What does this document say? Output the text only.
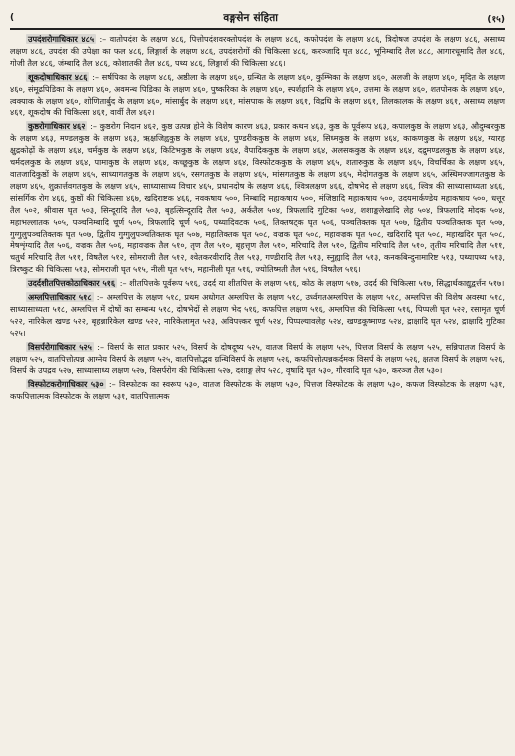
(	वङ्गसेन संहिता	(१५)

उपदंशरोगाधिकार ४८५ :– वातोपदंश के लक्षण ४८६, पित्तोपदंशवरक्तोपदंश के लक्षण ४८६, कफोपदंश के लक्षण ४८६, त्रिदोषज उपदंश के लक्षण ४८६, असाध्य लक्षण ४८६, उपदंश की उपेक्षा का फल ४८६, लिङ्गार्श के लक्षण ४८६, उपदंशरोगों की चिकित्सा ४८६, करञ्जादि घृत ४८८, भूनिम्बादि तैल ४८८, आगारधूमादि तैल ४८६, गोजी तैल ४८६, जंम्बादि तैल ४८६, कोशातकी तैल ४८६, पथ्य ४८६, लिङ्गार्श की चिकित्सा ४८६।

शूकदोषाधिकार ४८६ :– सर्षपिका के लक्षण ४८६, अष्ठीला के लक्षण ४६०, ग्रन्थित के लक्षण ४६०, कुम्भिका के लक्षण ४६०, अलजी के लक्षण ४६०, मृदित के लक्षण ४६०, संमूढपिडिका के लक्षण ४६०, अवमन्थ पिडिका के लक्षण ४६०, पुष्करिका के लक्षण ४६०, स्पर्शहानि के लक्षण ४६०, उत्तमा के लक्षण ४६०, शतपोनक के लक्षण ४६०, त्वक्पाक के लक्षण ४६०, शोणितार्बुद के लक्षण ४६०, मांसार्बुद के लक्षण ४६१, मांसपाक के लक्षण ४६१, विद्रधि के लक्षण ४६१, तिलकालक के लक्षण ४६१, असाध्य लक्षण ४६१, शूकदोष की चिकित्सा ४६१, वार्वी तैल ४६२।

कुष्ठरोगाधिकार ४६२ :– कुष्ठरोग निदान ४६२, कुष्ठ उत्पन्न होने के विशेष कारण ४६३, प्रकार कथन ४६३, कुष्ठ के पूर्वरूप ४६३, कपालकुष्ठ के लक्षण ४६३, औदुम्बरकुष्ठ के लक्षण ४६३, मण्डलकुष्ठ के लक्षण ४६३, ऋक्षजिह्वकुष्ठ के लक्षण ४६४, पुण्डरीककुष्ठ के लक्षण ४६४, सिध्मकुष्ठ के लक्षण ४६४, काकणकुष्ठ के लक्षण ४६४, ग्यारह क्षुद्रकोढ़ों के लक्षण ४६४, चर्मकुष्ठ के लक्षण ४६४, किटिभकुष्ठ के लक्षण ४६४, वैपादिककुष्ठ के लक्षण ४६४, अलसककुष्ठ के लक्षण ४६४, दद्रुमण्डलकुष्ठ के लक्षण ४६४, चर्मदलकुष्ठ के लक्षण ४६४, पामाकुष्ठ के लक्षण ४६४, कच्छूकुष्ठ के लक्षण ४६४, विस्फोटककुष्ठ के लक्षण ४६५, शतारुकुष्ठ के लक्षण ४६५, विचर्चिका के लक्षण ४६५, वातजादिकुष्ठों के लक्षण ४६५, साध्यागतकुष्ठ के लक्षण ४६५, रसगतकुष्ठ के लक्षण ४६५, मांसगतकुष्ठ के लक्षण ४६५, मेदोगतकुष्ठ के लक्षण ४६५, अस्थिमज्जागतकुष्ठ के लक्षण ४६५, शुक्रार्त्तवगतकुष्ठ के लक्षण ४६५, साध्यासाध्य विचार ४६५, प्रधानदोष के लक्षण ४६६, श्वित्रलक्षण ४६६, दोषभेद से लक्षण ४६६, श्वित्र की साध्यासाध्यता ४६६, सांसर्गिक रोग ४६६, कुष्ठों की चिकित्सा ४६७, खदिराष्टक ४६६, नवकषाय ५००, निम्बादि महाकषाय ५००, मंजिष्ठादि महाकषाय ५००, उदयमार्कण्डेय महाकषाय ५००, धत्तूर तैल ५०२, श्रीवास घृत ५०३, सिन्दूरादि तैल ५०३, बृहत्सिन्दूरादि तैल ५०३, अर्कतैल ५०४, त्रिफलादि गुटिका ५०४, शशाङ्कलेखादि लेह ५०४, त्रिफलादि मोदक ५०४, महाभल्लातक ५०५, पञ्चनिम्बादि चूर्ण ५०५, त्रिफलादि चूर्ण ५०६, पथ्यादिवटक ५०६, तिक्तषट्क घृत ५०६, पञ्चतिक्तक घृत ५०७, द्वितीय पञ्चतिक्तक घृत ५०७, गुग्गुलुपञ्चतिक्तक घृत ५०७, द्वितीय गुग्गुलुपञ्चतिक्तक घृत ५०७, महातिक्तक घृत ५०८, वज्रक घृत ५०८, महावज्रक घृत ५०८, खदिरादि घृत ५०८, महाखदिर घृत ५०८, मेषशृंग्यादि तैल ५०६, वज्रक तैल ५०६, महावज्रक तैल ५१०, तृण तैल ५१०, बृहत्तृण तैल ५१०, मरिचादि तैल ५१०, द्वितीय मरिचादि तैल ५१०, तृतीय मरिचादि तैल ५११, चतुर्थ मरिचादि तैल ५११, विषतैल ५१२, सोमराजी तैल ५१२, श्वेतकरवीरादि तैल ५१३, गण्डीरादि तैल ५१३, स्नुह्यादि तैल ५१३, कनकबिन्दुनामारिष्ट ५१३, पथ्यापथ्य ५१३, त्रिरष्कुट की चिकित्सा ५१३, सोमराजी घृत ५१५, नीली घृत ५१५, महानीली घृत ५१६, ज्योतिष्मती तैल ५१६, विषतैल ५१६।

उदर्दशीतपित्तकोठाधिकार ५१६ :– शीतपित्तके पूर्वरूप ५१६, उदर्द या शीतपित्त के लक्षण ५१६, कोठ के लक्षण ५१७, उदर्द की चिकित्सा ५१७, सिद्धार्थकाद्युद्वर्त्तन ५१७।

अम्लपित्ताधिकार ५१८ :– अम्लपित्त के लक्षण ५१८, प्रथम अधोगत अम्लपित्त के लक्षण ५१८, उर्ध्वगतअम्लपित्त के लक्षण ५१८, अम्लपित्त की विशेष अवस्था ५१८, साध्यासाध्यता ५१८, अम्लपित्त में दोषों का सम्बन्ध ५१८, दोषभेदों से लक्षण भेद ५१६, कफपित्त लक्षण ५१६, अम्लपित्त की चिकित्सा ५१६, पिप्पली घृत ५२२, रसामृत चूर्ण ५२२, नारिकेल खण्ड ५२२, बृहन्नारिकेल खण्ड ५२२, नारिकेलामृत ५२३, अविपत्त्कर चूर्ण ५२४, पिप्पल्यावलेह ५२४, खण्डकूष्माण्ड ५२४, द्राक्षादि घृत ५२४, द्राक्षादि गुटिका ५२५।

विसर्परोगाधिकार ५२५ :– विसर्प के सात प्रकार ५२५, विसर्प के दोषदूष्य ५२५, वातज विसर्प के लक्षण ५२५, पित्तज विसर्प के लक्षण ५२५, सन्निपातज विसर्प के लक्षण ५२५, वातपित्तोत्पन्न आग्नेय विसर्प के लक्षण ५२५, वातपित्तोद्भव ग्रन्थिविसर्प के लक्षण ५२६, कफपित्तोत्पन्नकर्दमक विसर्प के लक्षण ५२६, क्षतज विसर्प के लक्षण ५२६, विसर्प के उपद्रव ५२७, साध्यासाध्य लक्षण ५२७, विसर्परोग की चिकित्सा ५२७, दशाङ्ग लेप ५२८, वृषादि घृत ५३०, गौरवादि घृत ५३०, करञ्ज तैल ५३०।

विस्फोटकरोगाधिकार ५३० :– विस्फोटक का स्वरूप ५३०, वातज विस्फोटक के लक्षण ५३०, पित्तज विस्फोटक के लक्षण ५३०, कफज विस्फोटक के लक्षण ५३१, कफपित्तात्मक विस्फोटक के लक्षण ५३१, वातपित्तात्मक
